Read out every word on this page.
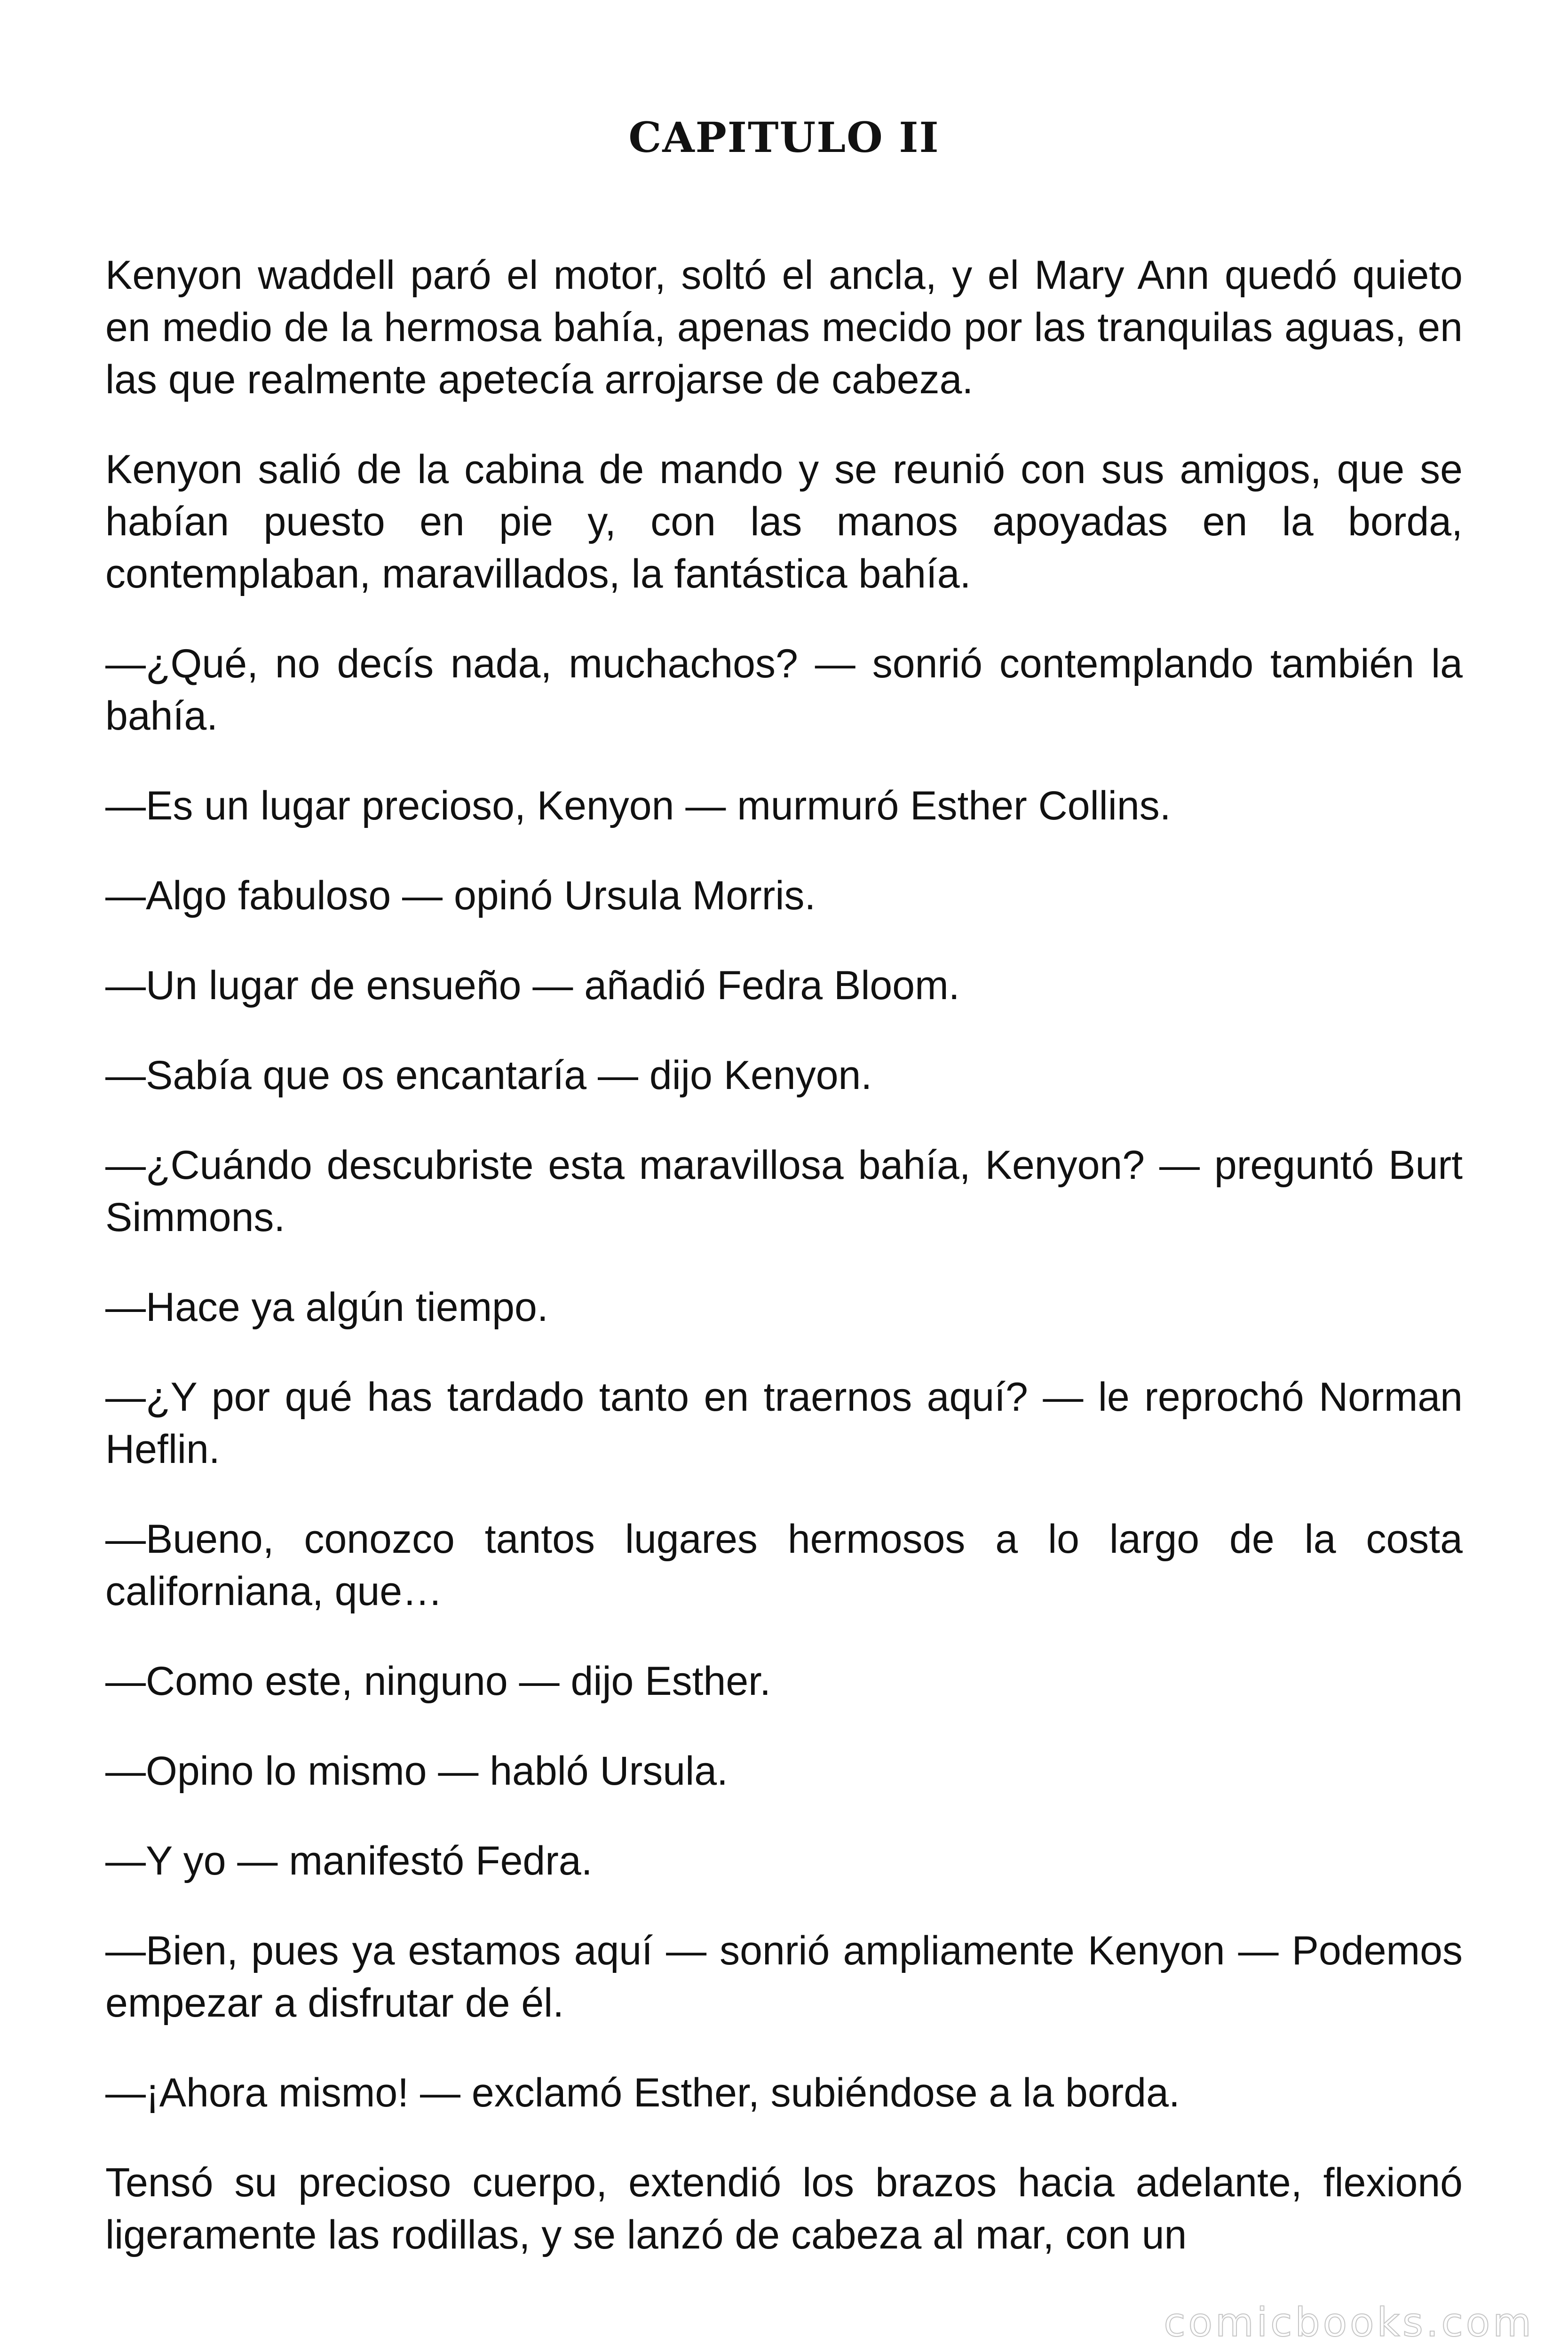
CAPITULO II

Kenyon waddell paró el motor, soltó el ancla, y el Mary Ann quedó quieto en medio de la hermosa bahía, apenas mecido por las tranquilas aguas, en las que realmente apetecía arrojarse de cabeza.

Kenyon salió de la cabina de mando y se reunió con sus amigos, que se habían puesto en pie y, con las manos apoyadas en la borda, contemplaban, maravillados, la fantástica bahía.

—¿Qué, no decís nada, muchachos? — sonrió contemplando también la bahía.

—Es un lugar precioso, Kenyon — murmuró Esther Collins.

—Algo fabuloso — opinó Ursula Morris.

—Un lugar de ensueño — añadió Fedra Bloom.

—Sabía que os encantaría — dijo Kenyon.

—¿Cuándo descubriste esta maravillosa bahía, Kenyon? — preguntó Burt Simmons.

—Hace ya algún tiempo.

—¿Y por qué has tardado tanto en traernos aquí? — le reprochó Norman Heflin.

—Bueno, conozco tantos lugares hermosos a lo largo de la costa californiana, que…

—Como este, ninguno — dijo Esther.

—Opino lo mismo — habló Ursula.

—Y yo — manifestó Fedra.

—Bien, pues ya estamos aquí — sonrió ampliamente Kenyon — Podemos empezar a disfrutar de él.

—¡Ahora mismo! — exclamó Esther, subiéndose a la borda.

Tensó su precioso cuerpo, extendió los brazos hacia adelante, flexionó ligeramente las rodillas, y se lanzó de cabeza al mar, con un

comicbooks.com
